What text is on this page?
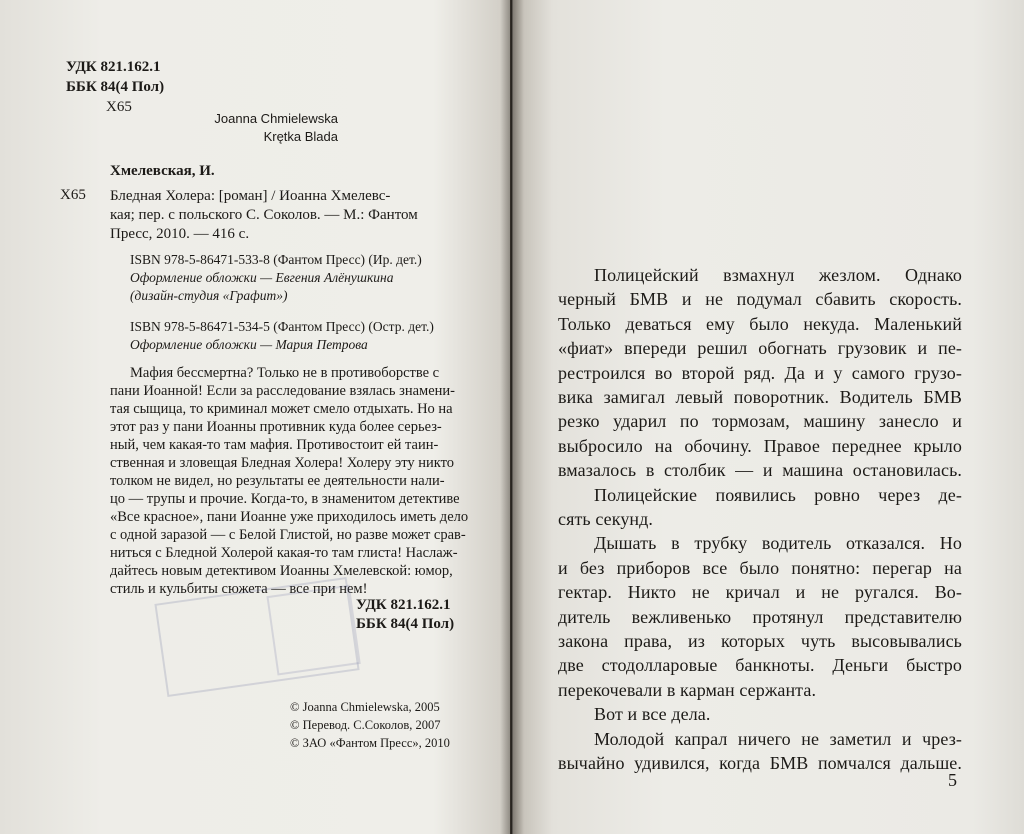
УДК 821.162.1
ББК 84(4 Пол)
Х65
Joanna Chmielewska
Krętka Blada
Хмелевская, И.
Х65 Бледная Холера: [роман] / Иоанна Хмелевс-
кая; пер. с польского С. Соколов. — М.: Фантом
Пресс, 2010. — 416 с.
ISBN 978-5-86471-533-8 (Фантом Пресс) (Ир. дет.)
Оформление обложки — Евгения Алёнушкина
(дизайн-студия «Графит»)
ISBN 978-5-86471-534-5 (Фантом Пресс) (Остр. дет.)
Оформление обложки — Мария Петрова
Мафия бессмертна? Только не в противоборстве с
пани Иоанной! Если за расследование взялась знамени-
тая сыщица, то криминал может смело отдыхать. Но на
этот раз у пани Иоанны противник куда более серьез-
ный, чем какая-то там мафия. Противостоит ей таин-
ственная и зловещая Бледная Холера! Холеру эту никто
толком не видел, но результаты ее деятельности нали-
цо — трупы и прочие. Когда-то, в знаменитом детективе
«Все красное», пани Иоанне уже приходилось иметь дело
с одной заразой — с Белой Глистой, но разве может срав-
ниться с Бледной Холерой какая-то там глиста! Наслаж-
дайтесь новым детективом Иоанны Хмелевской: юмор,
стиль и кульбиты сюжета — все при нем!
УДК 821.162.1
ББК 84(4 Пол)
© Joanna Chmielewska, 2005
© Перевод. С.Соколов, 2007
© ЗАО «Фантом Пресс», 2010
Полицейский взмахнул жезлом. Однако
черный БМВ и не подумал сбавить скорость.
Только деваться ему было некуда. Маленький
«фиат» впереди решил обогнать грузовик и пе-
рестроился во второй ряд. Да и у самого грузо-
вика замигал левый поворотник. Водитель БМВ
резко ударил по тормозам, машину занесло и
выбросило на обочину. Правое переднее крыло
вмазалось в столбик — и машина остановилась.
Полицейские появились ровно через де-
сять секунд.
Дышать в трубку водитель отказался. Но
и без приборов все было понятно: перегар на
гектар. Никто не кричал и не ругался. Во-
дитель вежливенько протянул представителю
закона права, из которых чуть высовывались
две стодолларовые банкноты. Деньги быстро
перекочевали в карман сержанта.
Вот и все дела.
Молодой капрал ничего не заметил и чрез-
вычайно удивился, когда БМВ помчался дальше.
5
